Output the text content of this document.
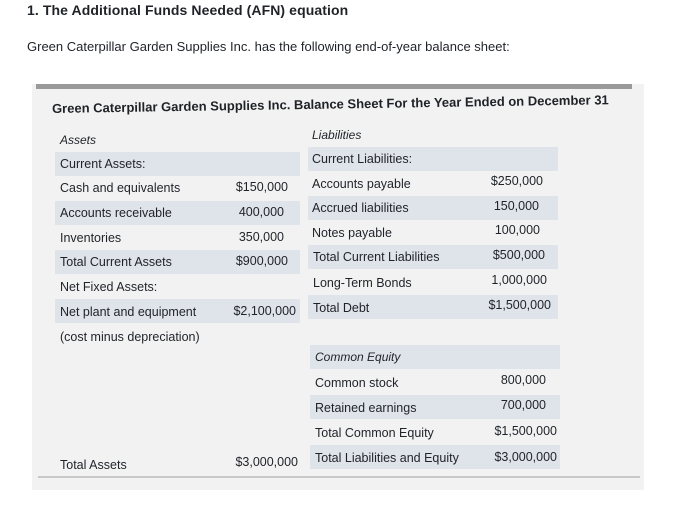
1. The Additional Funds Needed (AFN) equation
Green Caterpillar Garden Supplies Inc. has the following end-of-year balance sheet:
Green Caterpillar Garden Supplies Inc. Balance Sheet For the Year Ended on December 31
Assets	Liabilities
Current Assets:
Cash and equivalents	$150,000
Accounts receivable	400,000
Inventories	350,000
Total Current Assets	$900,000
Net Fixed Assets:
Net plant and equipment	$2,100,000
(cost minus depreciation)
Total Assets	$3,000,000
Current Liabilities:
Accounts payable	$250,000
Accrued liabilities	150,000
Notes payable	100,000
Total Current Liabilities	$500,000
Long-Term Bonds	1,000,000
Total Debt	$1,500,000
Common Equity
Common stock	800,000
Retained earnings	700,000
Total Common Equity	$1,500,000
Total Liabilities and Equity	$3,000,000
